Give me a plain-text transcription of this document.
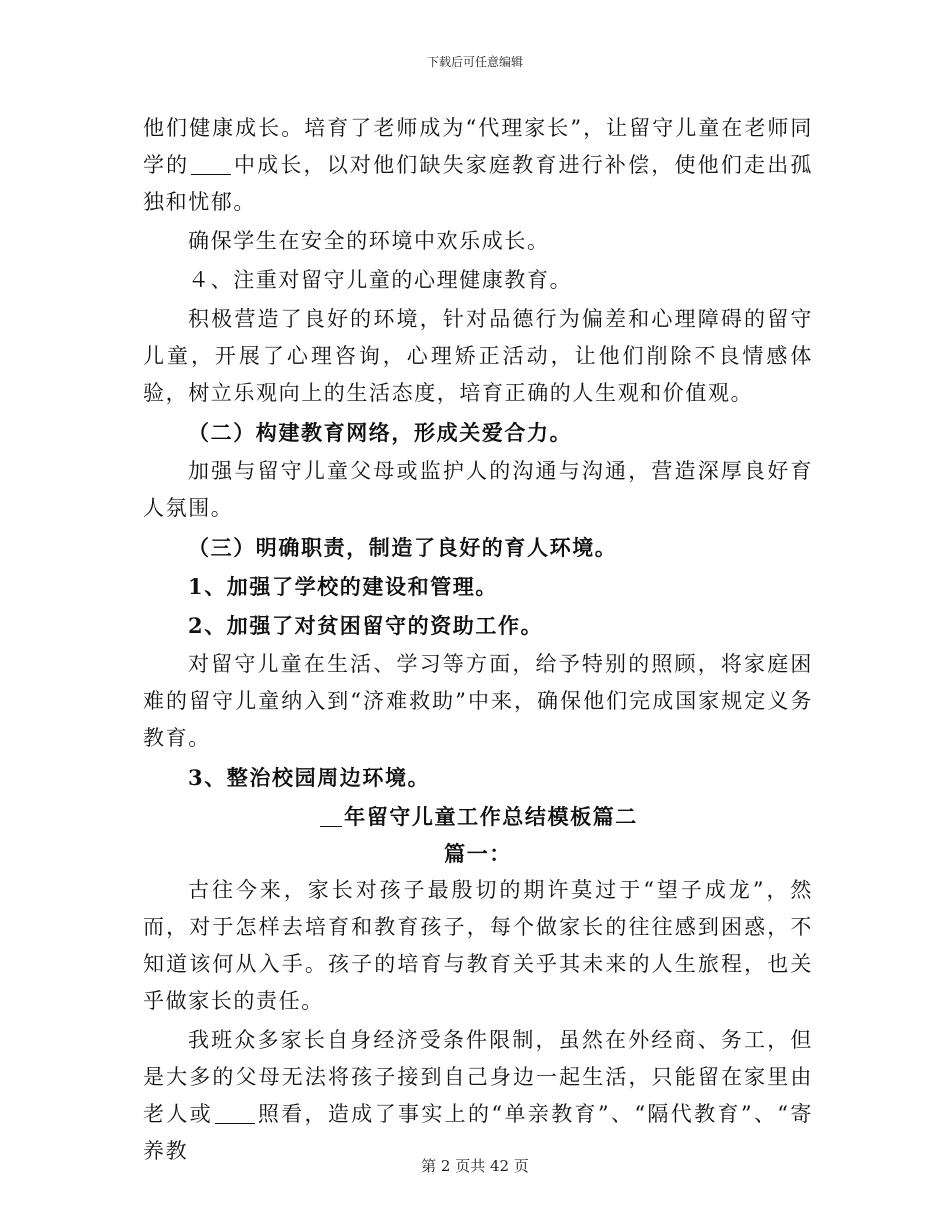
下载后可任意编辑

他们健康成长。培育了老师成为“代理家长”，让留守儿童在老师同学的 中成长，以对他们缺失家庭教育进行补偿，使他们走出孤独和忧郁。

确保学生在安全的环境中欢乐成长。

４、注重对留守儿童的心理健康教育。

积极营造了良好的环境，针对品德行为偏差和心理障碍的留守儿童，开展了心理咨询，心理矫正活动，让他们削除不良情感体验，树立乐观向上的生活态度，培育正确的人生观和价值观。

（二）构建教育网络，形成关爱合力。

加强与留守儿童父母或监护人的沟通与沟通，营造深厚良好育人氛围。

（三）明确职责，制造了良好的育人环境。

1、加强了学校的建设和管理。

2、加强了对贫困留守的资助工作。

对留守儿童在生活、学习等方面，给予特别的照顾，将家庭困难的留守儿童纳入到“济难救助”中来，确保他们完成国家规定义务教育。

3、整治校园周边环境。

年留守儿童工作总结模板篇二

篇一：

古往今来，家长对孩子最殷切的期许莫过于“望子成龙”，然而，对于怎样去培育和教育孩子，每个做家长的往往感到困惑，不知道该何从入手。孩子的培育与教育关乎其未来的人生旅程，也关乎做家长的责任。

我班众多家长自身经济受条件限制，虽然在外经商、务工，但是大多的父母无法将孩子接到自己身边一起生活，只能留在家里由老人或 照看，造成了事实上的“单亲教育”、“隔代教育”、“寄养教

第 2 页共 42 页
